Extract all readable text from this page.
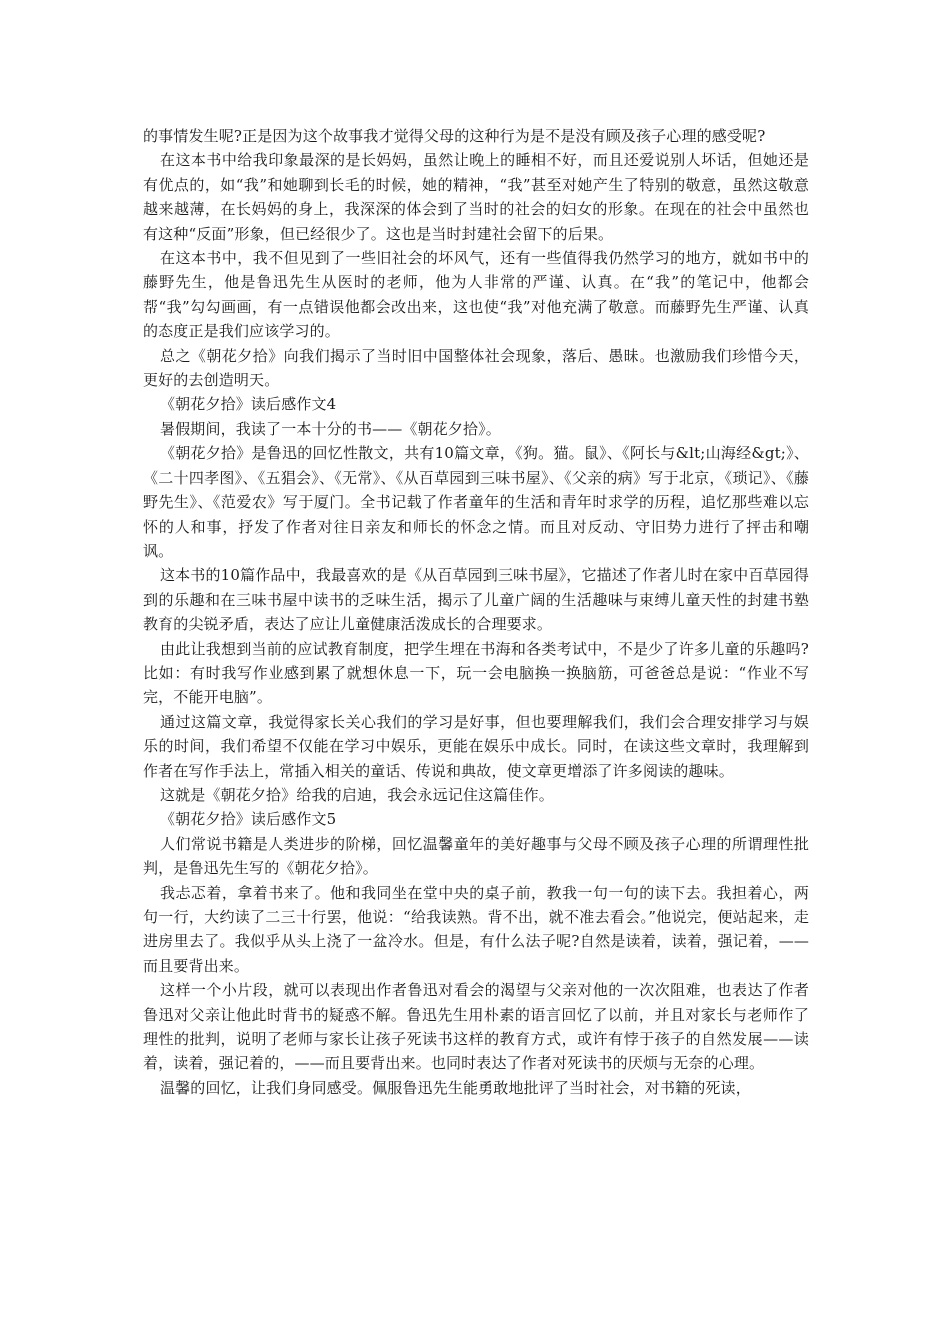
的事情发生呢?正是因为这个故事我才觉得父母的这种行为是不是没有顾及孩子心理的感受呢?

在这本书中给我印象最深的是长妈妈，虽然让晚上的睡相不好，而且还爱说别人坏话，但她还是有优点的，如“我”和她聊到长毛的时候，她的精神，“我”甚至对她产生了特别的敬意，虽然这敬意越来越薄，在长妈妈的身上，我深深的体会到了当时的社会的妇女的形象。在现在的社会中虽然也有这种“反面”形象，但已经很少了。这也是当时封建社会留下的后果。

在这本书中，我不但见到了一些旧社会的坏风气，还有一些值得我仍然学习的地方，就如书中的藤野先生，他是鲁迅先生从医时的老师，他为人非常的严谨、认真。在“我”的笔记中，他都会帮“我”勾勾画画，有一点错误他都会改出来，这也使“我”对他充满了敬意。而藤野先生严谨、认真的态度正是我们应该学习的。

总之《朝花夕拾》向我们揭示了当时旧中国整体社会现象，落后、愚昧。也激励我们珍惜今天，更好的去创造明天。

《朝花夕拾》读后感作文4

暑假期间，我读了一本十分的书——《朝花夕拾》。

《朝花夕拾》是鲁迅的回忆性散文，共有10篇文章，《狗。猫。鼠》、《阿长与&lt;山海经&gt;》、《二十四孝图》、《五猖会》、《无常》、《从百草园到三味书屋》、《父亲的病》写于北京，《琐记》、《藤野先生》、《范爱农》写于厦门。全书记载了作者童年的生活和青年时求学的历程，追忆那些难以忘怀的人和事，抒发了作者对往日亲友和师长的怀念之情。而且对反动、守旧势力进行了抨击和嘲讽。

这本书的10篇作品中，我最喜欢的是《从百草园到三味书屋》，它描述了作者儿时在家中百草园得到的乐趣和在三味书屋中读书的乏味生活，揭示了儿童广阔的生活趣味与束缚儿童天性的封建书塾教育的尖锐矛盾，表达了应让儿童健康活泼成长的合理要求。

由此让我想到当前的应试教育制度，把学生埋在书海和各类考试中，不是少了许多儿童的乐趣吗?比如：有时我写作业感到累了就想休息一下，玩一会电脑换一换脑筋，可爸爸总是说：“作业不写完，不能开电脑”。

通过这篇文章，我觉得家长关心我们的学习是好事，但也要理解我们，我们会合理安排学习与娱乐的时间，我们希望不仅能在学习中娱乐，更能在娱乐中成长。同时，在读这些文章时，我理解到作者在写作手法上，常插入相关的童话、传说和典故，使文章更增添了许多阅读的趣味。

这就是《朝花夕拾》给我的启迪，我会永远记住这篇佳作。

《朝花夕拾》读后感作文5

人们常说书籍是人类进步的阶梯，回忆温馨童年的美好趣事与父母不顾及孩子心理的所谓理性批判，是鲁迅先生写的《朝花夕拾》。

我忐忑着，拿着书来了。他和我同坐在堂中央的桌子前，教我一句一句的读下去。我担着心，两句一行，大约读了二三十行罢，他说：“给我读熟。背不出，就不准去看会。”他说完，便站起来，走进房里去了。我似乎从头上浇了一盆冷水。但是，有什么法子呢?自然是读着，读着，强记着，——而且要背出来。

这样一个小片段，就可以表现出作者鲁迅对看会的渴望与父亲对他的一次次阻难，也表达了作者鲁迅对父亲让他此时背书的疑惑不解。鲁迅先生用朴素的语言回忆了以前，并且对家长与老师作了理性的批判，说明了老师与家长让孩子死读书这样的教育方式，或许有悖于孩子的自然发展——读着，读着，强记着的，——而且要背出来。也同时表达了作者对死读书的厌烦与无奈的心理。

温馨的回忆，让我们身同感受。佩服鲁迅先生能勇敢地批评了当时社会，对书籍的死读，
